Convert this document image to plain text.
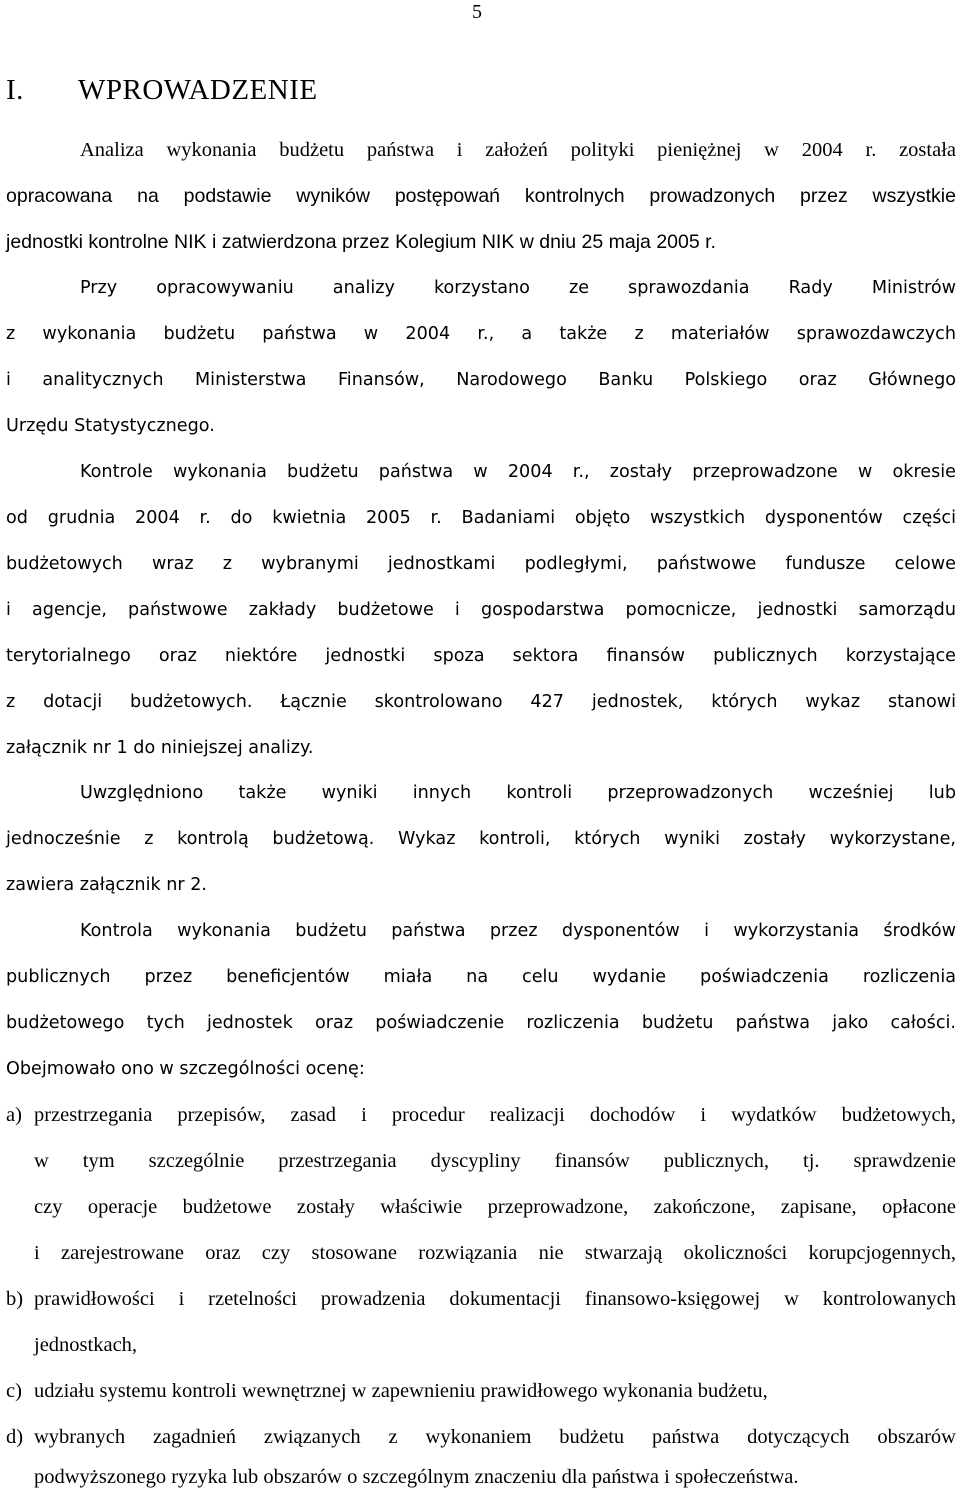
5
I. WPROWADZENIE
Analiza wykonania budżetu państwa i założeń polityki pieniężnej w 2004 r. została
opracowana na podstawie wyników postępowań kontrolnych prowadzonych przez wszystkie
jednostki kontrolne NIK i zatwierdzona przez Kolegium NIK w dniu 25 maja 2005 r.
Przy opracowywaniu analizy korzystano ze sprawozdania Rady Ministrów
z wykonania budżetu państwa w 2004 r., a także z materiałów sprawozdawczych
i analitycznych Ministerstwa Finansów, Narodowego Banku Polskiego oraz Głównego
Urzędu Statystycznego.
Kontrole wykonania budżetu państwa w 2004 r., zostały przeprowadzone w okresie
od grudnia 2004 r. do kwietnia 2005 r. Badaniami objęto wszystkich dysponentów części
budżetowych wraz z wybranymi jednostkami podległymi, państwowe fundusze celowe
i agencje, państwowe zakłady budżetowe i gospodarstwa pomocnicze, jednostki samorządu
terytorialnego oraz niektóre jednostki spoza sektora finansów publicznych korzystające
z dotacji budżetowych. Łącznie skontrolowano 427 jednostek, których wykaz stanowi
załącznik nr 1 do niniejszej analizy.
Uwzględniono także wyniki innych kontroli przeprowadzonych wcześniej lub
jednocześnie z kontrolą budżetową. Wykaz kontroli, których wyniki zostały wykorzystane,
zawiera załącznik nr 2.
Kontrola wykonania budżetu państwa przez dysponentów i wykorzystania środków
publicznych przez beneficjentów miała na celu wydanie poświadczenia rozliczenia
budżetowego tych jednostek oraz poświadczenie rozliczenia budżetu państwa jako całości.
Obejmowało ono w szczególności ocenę:
a) przestrzegania przepisów, zasad i procedur realizacji dochodów i wydatków budżetowych,
w tym szczególnie przestrzegania dyscypliny finansów publicznych, tj. sprawdzenie
czy operacje budżetowe zostały właściwie przeprowadzone, zakończone, zapisane, opłacone
i zarejestrowane oraz czy stosowane rozwiązania nie stwarzają okoliczności korupcjogennych,
b) prawidłowości i rzetelności prowadzenia dokumentacji finansowo-księgowej w kontrolowanych
jednostkach,
c) udziału systemu kontroli wewnętrznej w zapewnieniu prawidłowego wykonania budżetu,
d) wybranych zagadnień związanych z wykonaniem budżetu państwa dotyczących obszarów
podwyższonego ryzyka lub obszarów o szczególnym znaczeniu dla państwa i społeczeństwa.
